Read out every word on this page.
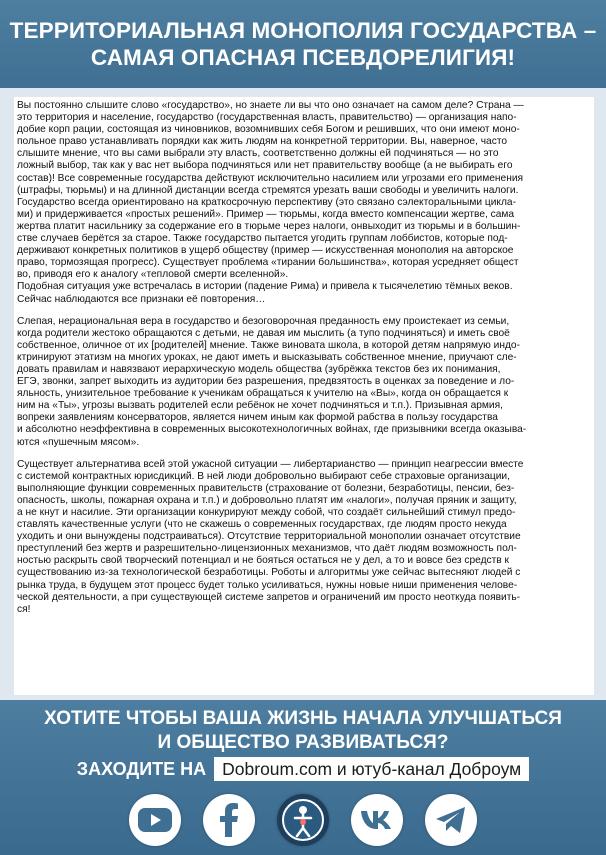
ТЕРРИТОРИАЛЬНАЯ МОНОПОЛИЯ ГОСУДАРСТВА –
САМАЯ ОПАСНАЯ ПСЕВДОРЕЛИГИЯ!

Вы постоянно слышите слово «государство», но знаете ли вы что оно означает на самом деле? Страна —
это территория и население, государство (государственная власть, правительство) — организация напо-
добие корп рации, состоящая из чиновников, возомнивших себя Богом и решивших, что они имеют моно-
польное право устанавливать порядки как жить людям на конкретной территории. Вы, наверное, часто
слышите мнение, что вы сами выбрали эту власть, соответственно должны ей подчиняться — но это
ложный выбор, так как у вас нет выбора подчиняться или нет правительству вообще (а не выбирать его
состав)! Все современные государства действуют исключительно насилием или угрозами его применения
(штрафы, тюрьмы) и на длинной дистанции всегда стремятся урезать ваши свободы и увеличить налоги.
Государство всегда ориентировано на краткосрочную перспективу (это связано сэлекторальными цикла-
ми) и придерживается «простых решений». Пример — тюрьмы, когда вместо компенсации жертве, сама
жертва платит насильнику за содержание его в тюрьме через налоги, онвыходит из тюрьмы и в большин-
стве случаев берётся за старое. Также государство пытается угодить группам лоббистов, которые под-
держивают конкретных политиков в ущерб обществу (пример — искусственная монополия на авторское
право, тормозящая прогресс). Существует проблема «тирании большинства», которая усредняет общест
во, приводя его к аналогу «тепловой смерти вселенной».
Подобная ситуация уже встречалась в истории (падение Рима) и привела к тысячелетию тёмных веков.
Сейчас наблюдаются все признаки её повторения…

Слепая, нерациональная вера в государство и безоговорочная преданность ему проистекает из семьи,
когда родители жестоко обращаются с детьми, не давая им мыслить (а тупо подчиняться) и иметь своё
собственное, оличное от их [родителей] мнение. Также виновата школа, в которой детям напрямую индо-
ктринируют этатизм на многих уроках, не дают иметь и высказывать собственное мнение, приучают сле-
довать правилам и навязвают иерархическую модель общества (зубрёжка текстов без их понимания,
ЕГЭ, звонки, запрет выходить из аудитории без разрешения, предвзятость в оценках за поведение и ло-
яльность, унизительное требование к ученикам обращаться к учителю на «Вы», когда он обращается к
ним на «Ты», угрозы вызвать родителей если ребёнок не хочет подчиняться и т.п.). Призывная армия,
вопреки заявлениям консерваторов, является ничем иным как формой рабства в пользу государства
и абсолютно неэффективна в современных высокотехнологичных войнах, где призывники всегда оказыва-
ются «пушечным мясом».

Существует альтернатива всей этой ужасной ситуации — либертарианство — принцип неагрессии вместе
с системой контрактных юрисдикций. В ней люди добровольно выбирают себе страховые организации,
выполняющие функции современных правительств (страхование от болезни, безработицы, пенсии, без-
опасность, школы, пожарная охрана и т.п.) и добровольно платят им «налоги», получая пряник и защиту,
а не кнут и насилие. Эти организации конкурируют между собой, что создаёт сильнейший стимул предо-
ставлять качественные услуги (что не скажешь о современных государствах, где людям просто некуда
уходить и они вынуждены подстраиваться). Отсутствие территориальной монополии означает отсутствие
преступлений без жертв и разрешительно-лицензионных механизмов, что даёт людям возможность пол-
ностью раскрыть свой творческий потенциал и не бояться остаться не у дел, а то и вовсе без средств к
существованию из-за технологической безработицы. Роботы и алгоритмы уже сейчас вытесняют людей с
рынка труда, в будущем этот процесс будет только усиливаться, нужны новые ниши применения челове-
ческой деятельности, а при существующей системе запретов и ограничений им просто неоткуда появить-
ся!

ХОТИТЕ ЧТОБЫ ВАША ЖИЗНЬ НАЧАЛА УЛУЧШАТЬСЯ
И ОБЩЕСТВО РАЗВИВАТЬСЯ?
ЗАХОДИТЕ НА Dobroum.com и ютуб-канал Доброум
